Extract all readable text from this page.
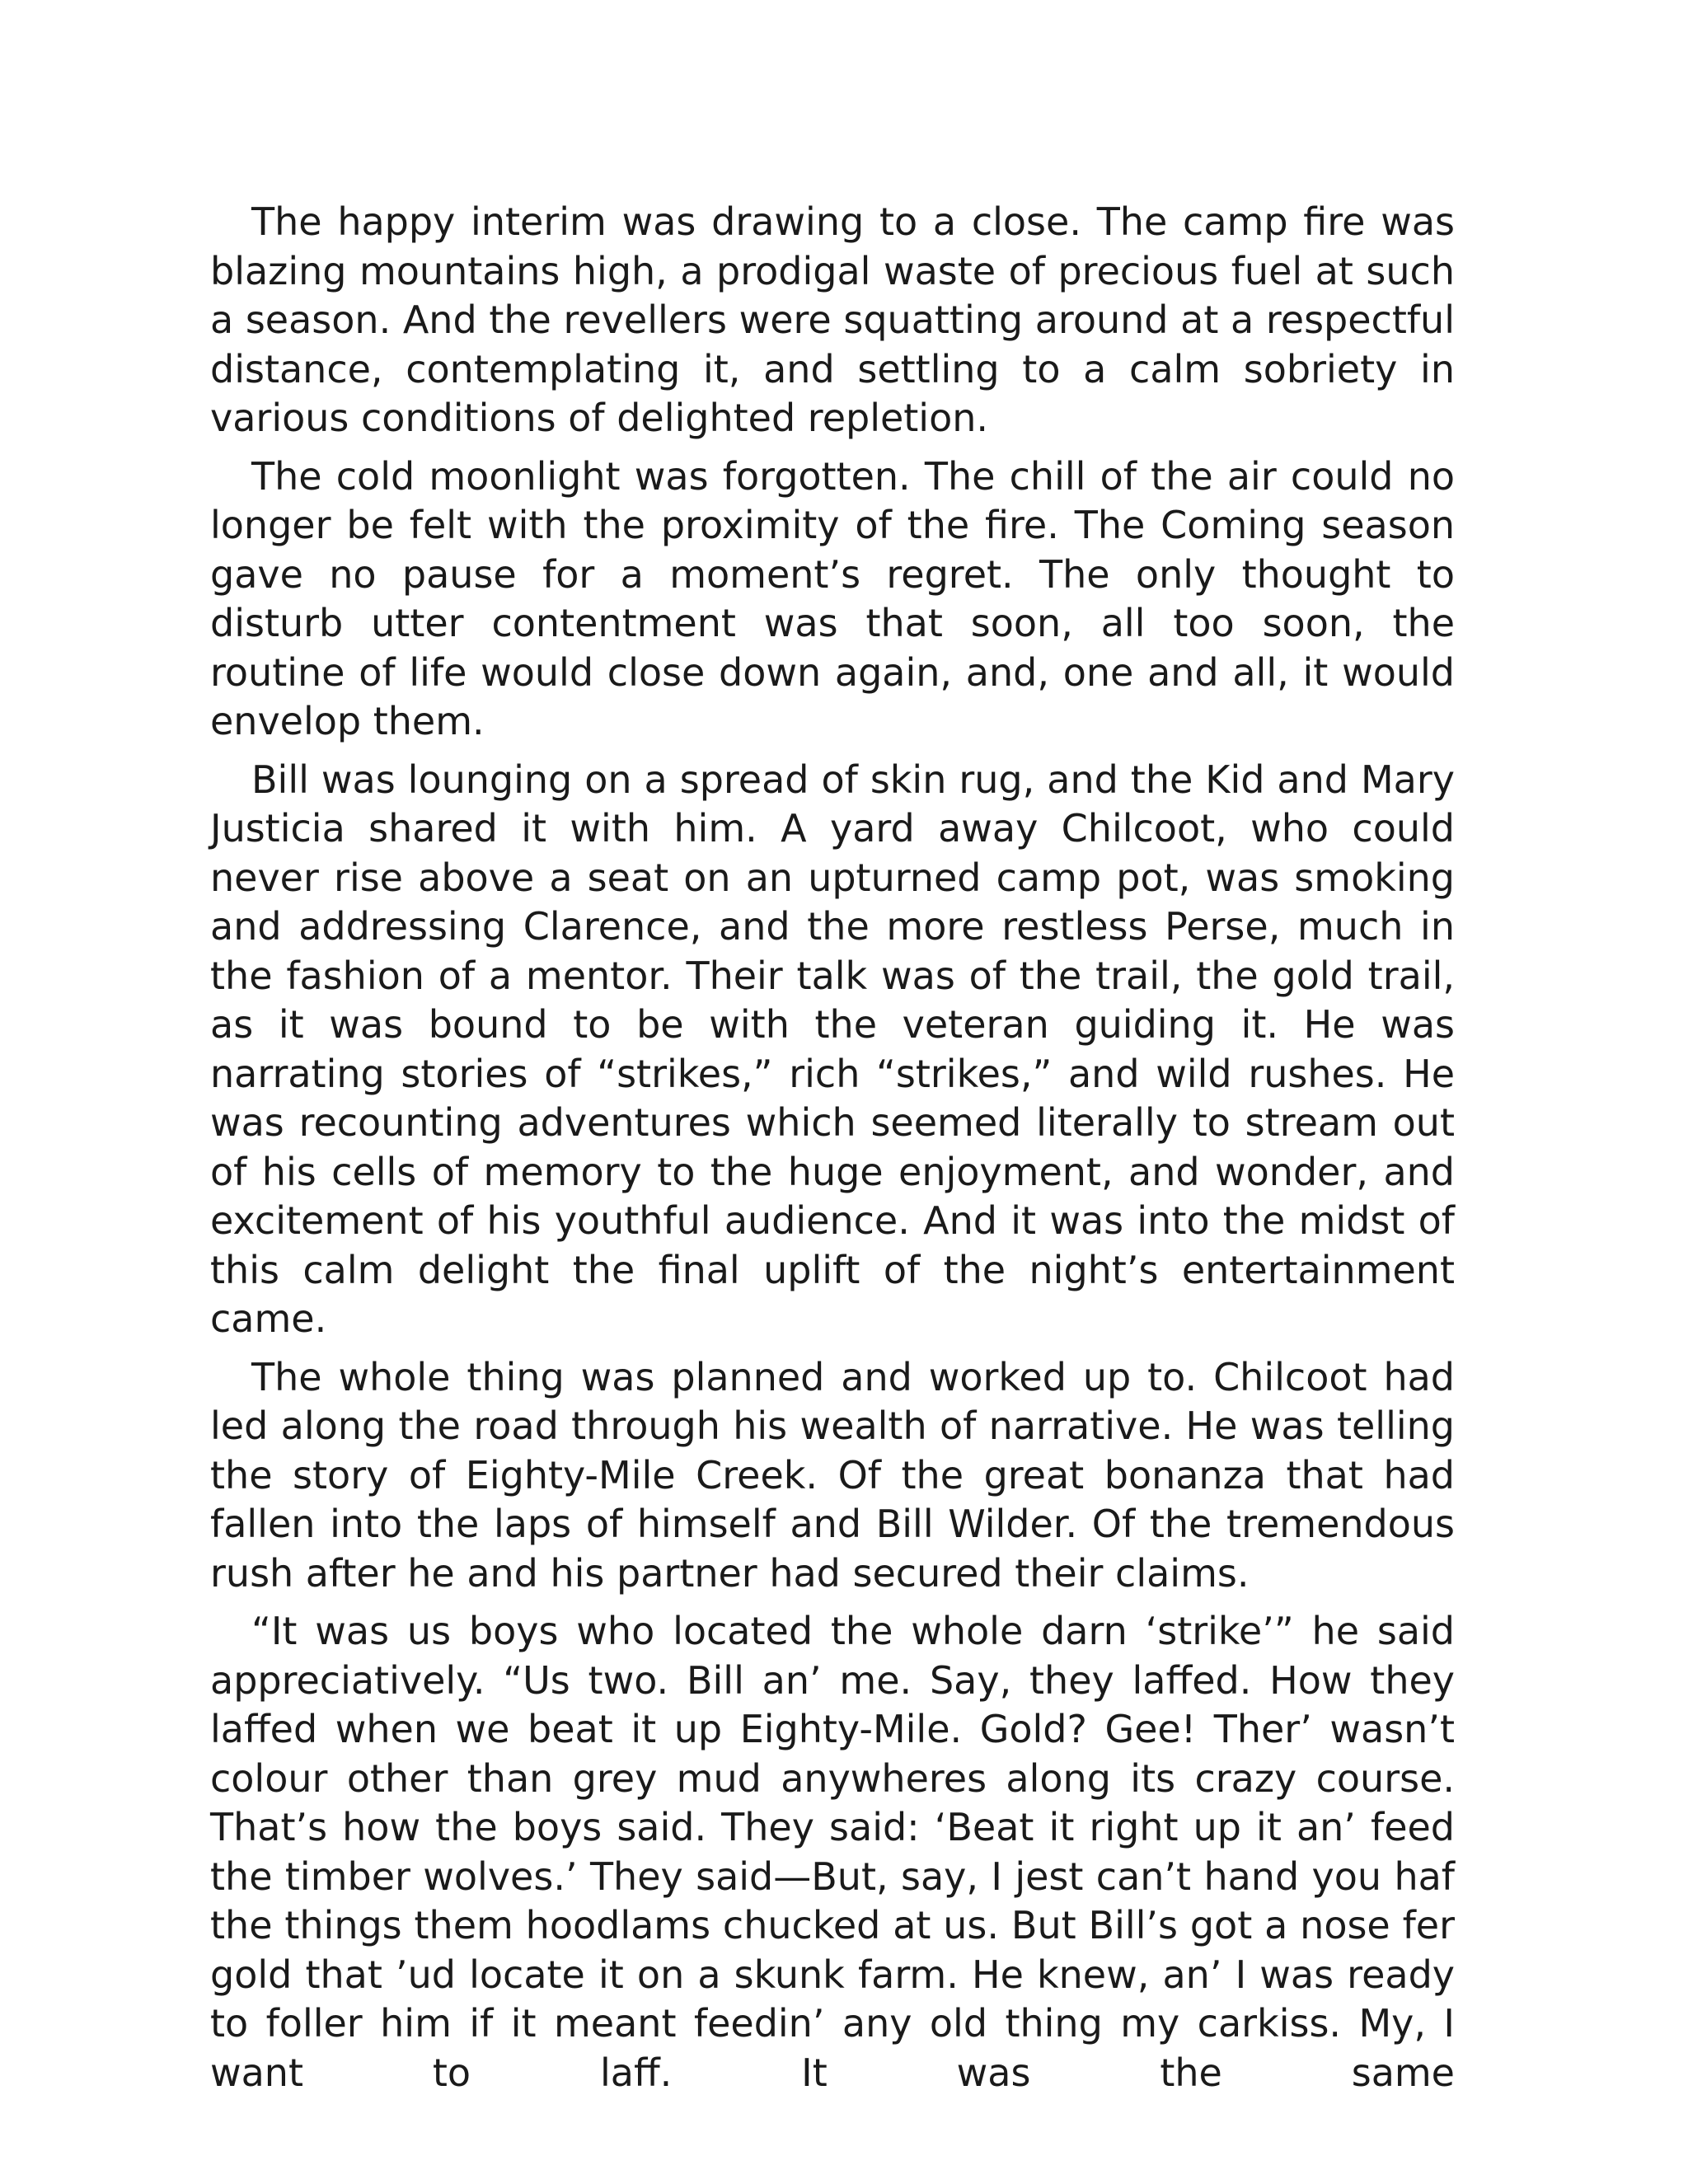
The happy interim was drawing to a close. The camp fire was blazing mountains high, a prodigal waste of precious fuel at such a season. And the revellers were squatting around at a respectful distance, contemplating it, and settling to a calm sobriety in various conditions of delighted repletion.

The cold moonlight was forgotten. The chill of the air could no longer be felt with the proximity of the fire. The Coming season gave no pause for a moment’s regret. The only thought to disturb utter contentment was that soon, all too soon, the routine of life would close down again, and, one and all, it would envelop them.

Bill was lounging on a spread of skin rug, and the Kid and Mary Justicia shared it with him. A yard away Chilcoot, who could never rise above a seat on an upturned camp pot, was smoking and addressing Clarence, and the more restless Perse, much in the fashion of a mentor. Their talk was of the trail, the gold trail, as it was bound to be with the veteran guiding it. He was narrating stories of “strikes,” rich “strikes,” and wild rushes. He was recounting adventures which seemed literally to stream out of his cells of memory to the huge enjoyment, and wonder, and excitement of his youthful audience. And it was into the midst of this calm delight the final uplift of the night’s entertainment came.

The whole thing was planned and worked up to. Chilcoot had led along the road through his wealth of narrative. He was telling the story of Eighty-Mile Creek. Of the great bonanza that had fallen into the laps of himself and Bill Wilder. Of the tremendous rush after he and his partner had secured their claims.

“It was us boys who located the whole darn ‘strike’” he said appreciatively. “Us two. Bill an’ me. Say, they laffed. How they laffed when we beat it up Eighty-Mile. Gold? Gee! Ther’ wasn’t colour other than grey mud anywheres along its crazy course. That’s how the boys said. They said: ‘Beat it right up it an’ feed the timber wolves.’ They said—But, say, I jest can’t hand you haf the things them hoodlams chucked at us. But Bill’s got a nose fer gold that ’ud locate it on a skunk farm. He knew, an’ I was ready to foller him if it meant feedin’ any old thing my carkiss. My, I want to laff. It was the same
